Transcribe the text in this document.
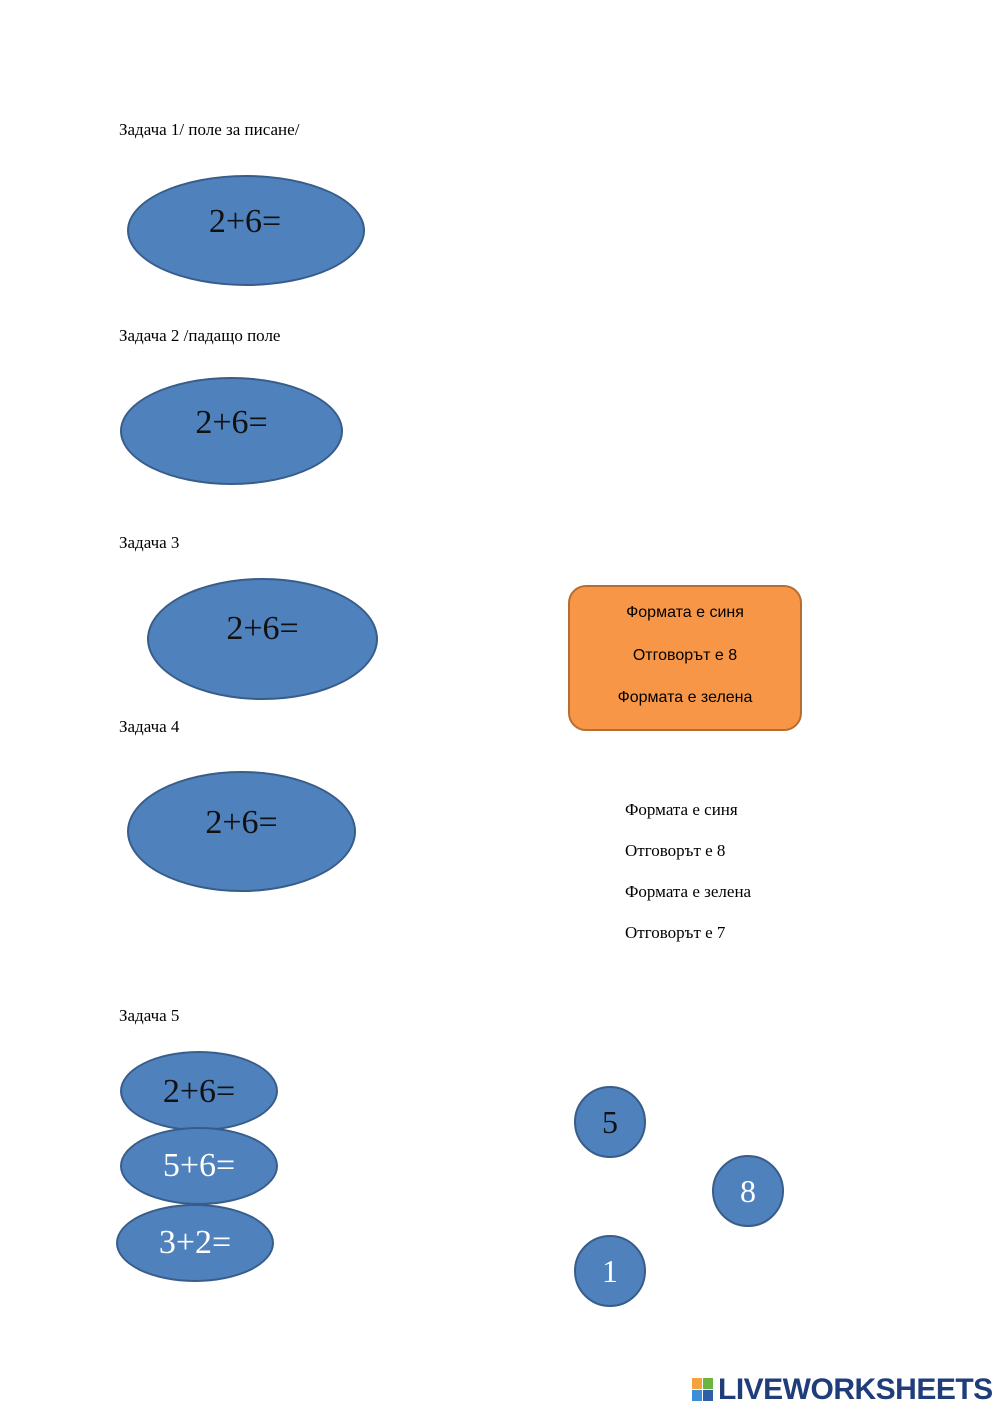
Задача 1/ поле за писане/
2+6=
Задача 2 /падащо поле
2+6=
Задача 3
2+6=	Формата е синя
Отговорът е 8
Формата е зелена
Задача 4
2+6=	Формата е синя
Отговорът е 8
Формата е зелена
Отговорът е 7
Задача 5
2+6=
5+6=
3+2=
5
8
1
LIVEWORKSHEETS
